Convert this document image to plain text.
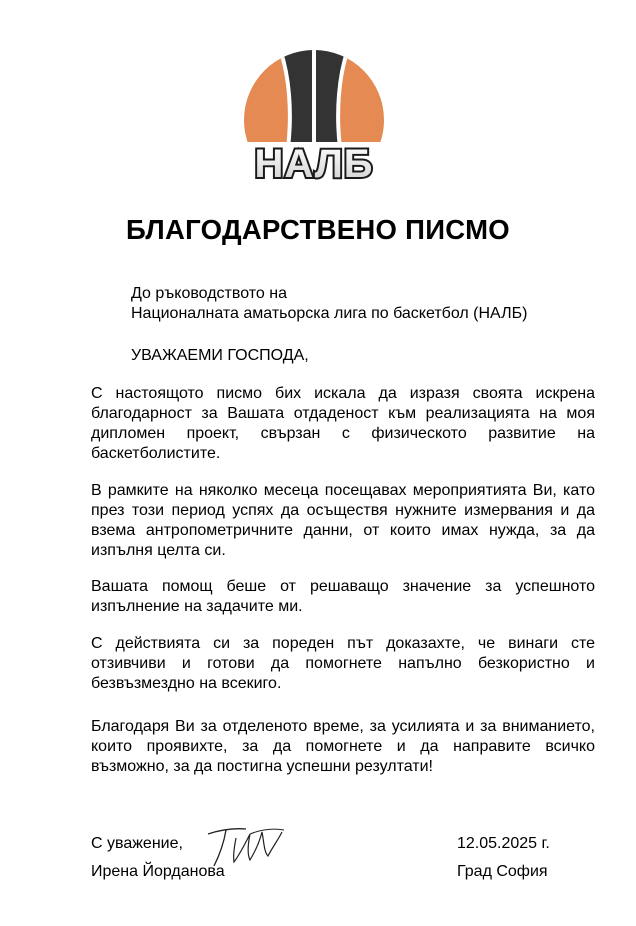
НАЛБ
БЛАГОДАРСТВЕНО ПИСМО
До ръководството на
Националната аматьорска лига по баскетбол (НАЛБ)
УВАЖАЕМИ ГОСПОДА,

С настоящото писмо бих искала да изразя своята искрена благодарност за Вашата отдаденост към реализацията на моя дипломен проект, свързан с физическото развитие на баскетболистите.

В рамките на няколко месеца посещавах мероприятията Ви, като през този период успях да осъществя нужните измервания и да взема антропометричните данни, от които имах нужда, за да изпълня целта си.

Вашата помощ беше от решаващо значение за успешното изпълнение на задачите ми.

С действията си за пореден път доказахте, че винаги сте отзивчиви и готови да помогнете напълно безкористно и безвъзмездно на всекиго.

Благодаря Ви за отделеното време, за усилията и за вниманието, които проявихте, за да помогнете и да направите всичко възможно, за да постигна успешни резултати!

С уважение,
Ирена Йорданова
12.05.2025 г.
Град София
